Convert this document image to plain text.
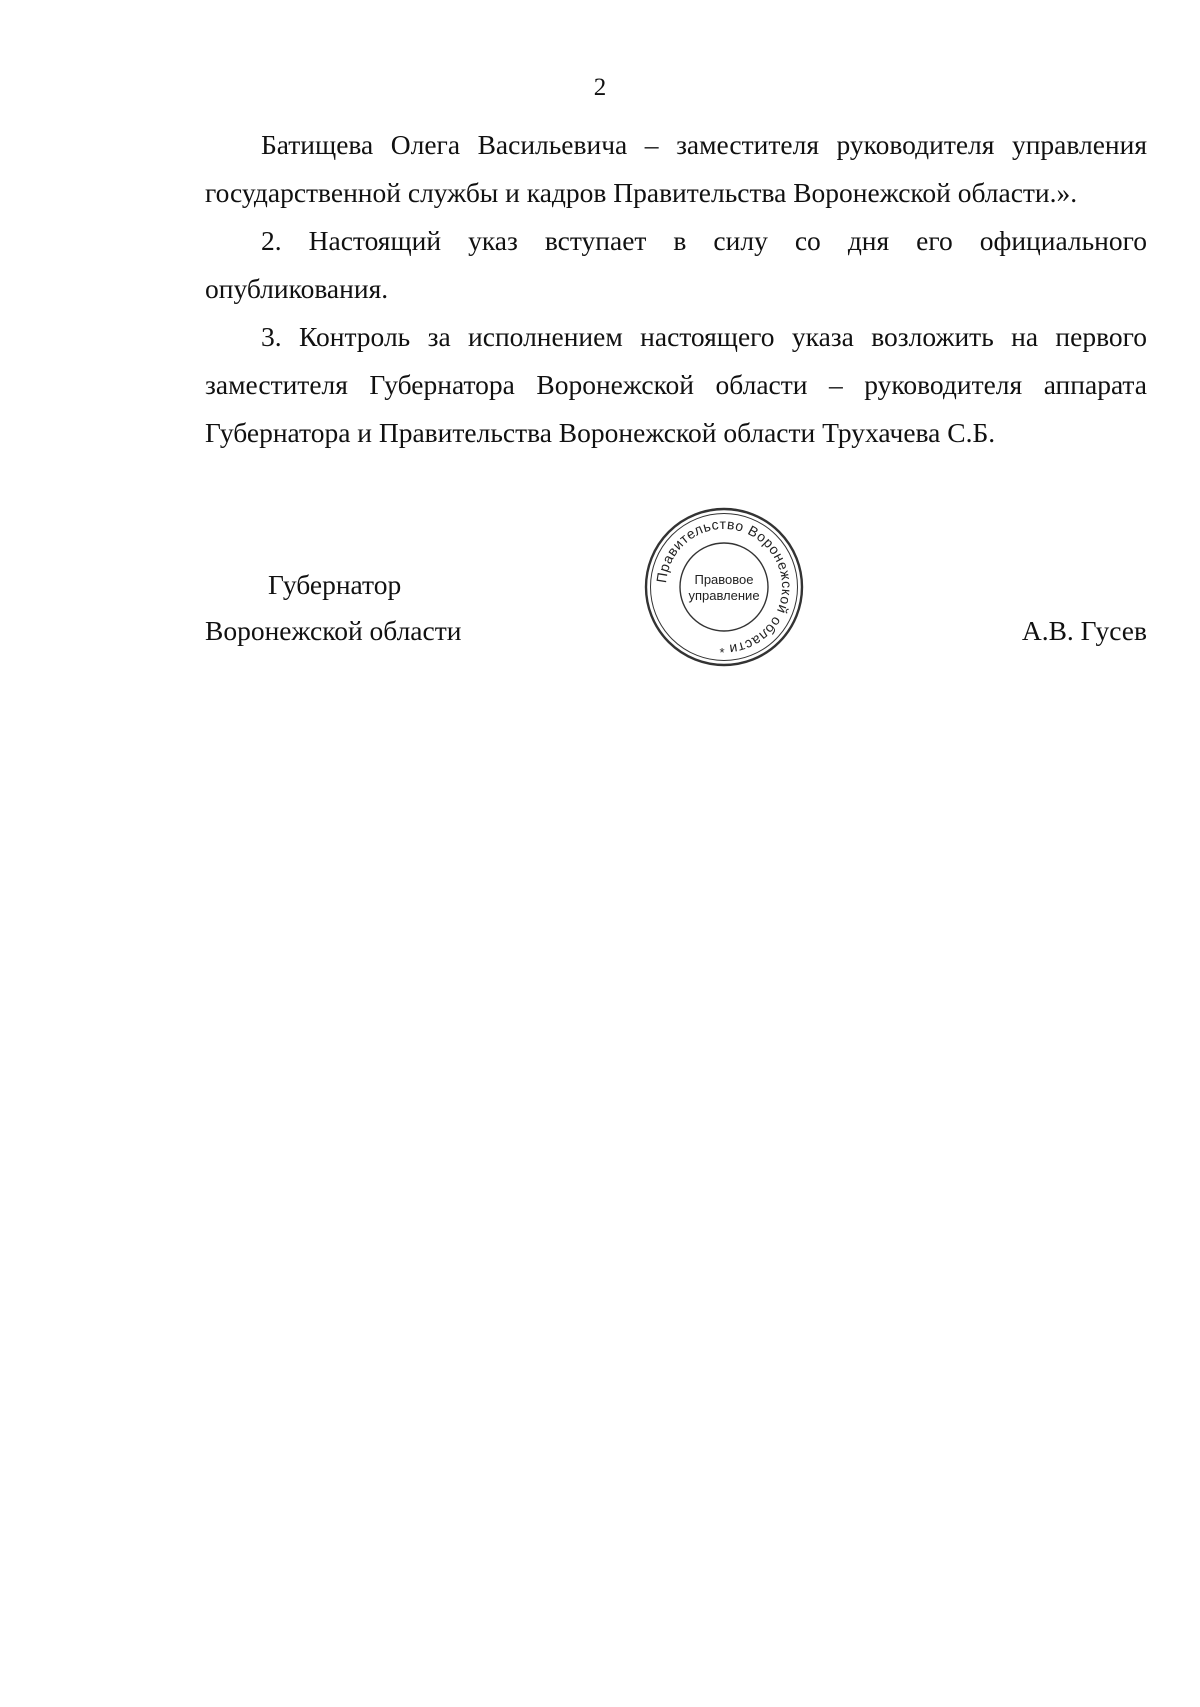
2

Батищева Олега Васильевича – заместителя руководителя управления государственной службы и кадров Правительства Воронежской области.».

2. Настоящий указ вступает в силу со дня его официального опубликования.

3. Контроль за исполнением настоящего указа возложить на первого заместителя Губернатора Воронежской области – руководителя аппарата Губернатора и Правительства Воронежской области Трухачева С.Б.

Губернатор
Воронежской области
Правительство Воронежской области
Правовое
управление
*
А.В. Гусев
